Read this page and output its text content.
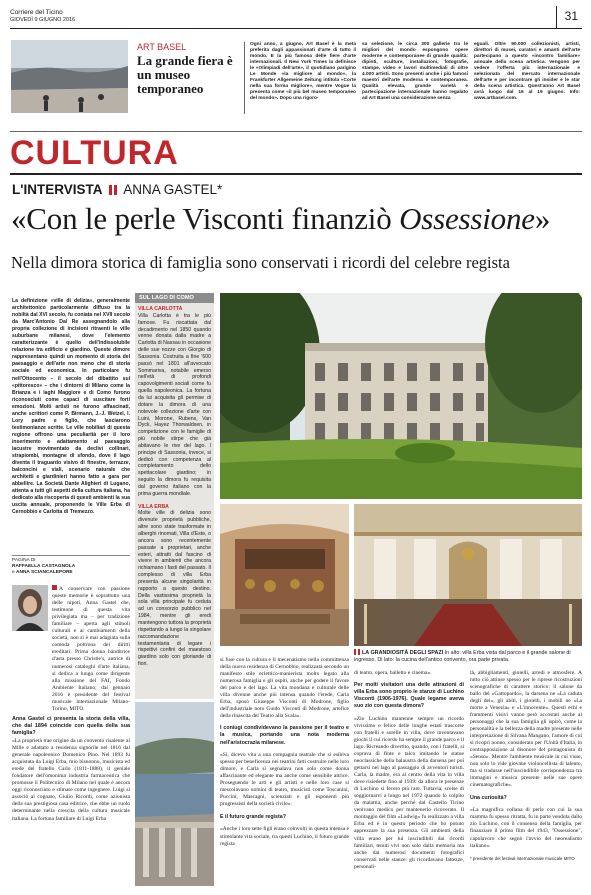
Corriere del Ticino
GIOVEDÌ 9 GIUGNO 2016	31
ART BASEL
La grande fiera è un museo temporaneo
Ogni anno, a giugno, Art Basel è la meta preferita dagli appassionati d'arte di tutto il mondo. E la più famosa delle fiere d'arte internazionali. Il New York Times la definisce le «Olimpiadi dell'arte», il quotidiano parigino Le Monde «la migliore al mondo», la Frankfurter Allgemeine Zeitung intitola «Corte nella sua forma migliore», mentre Vogue la presenta come «il più bel museo temporaneo del mondo». Dopo una rigoro-
sa selezione, le circa 300 gallerie tra le migliori del mondo espongono opere moderne e contemporanee di grande qualità: dipinti, sculture, installazioni, fotografie, stampe, video e lavori multimediali di oltre 4.000 artisti. Sono presenti anche i più famosi maestri dell'arte moderna e contemporanea. Qualità elevata, grande varietà e partecipazione internazionale hanno regalato ad Art Basel una considerazione senza
eguali. Oltre 90.000 collezionisti, artisti, direttori di musei, curatori e amanti dell'arte partecipano a questo «incontro familiare» annuale della scena artistica. Vengono per vedere l'offerta più internazionale e selezionata del mercato internazionale dell'arte e per incontrare gli insider e le star della scena artistica. Quest'anno Art Basel avrà luogo dal 16 al 19 giugno. Info: www.artbasel.com.
CULTURA
L'INTERVISTA ANNA GASTEL*
«Con le perle Visconti finanziò Ossessione»
Nella dimora storica di famiglia sono conservati i ricordi del celebre regista
La definizione «ville di delizia», generalmente architettonico particolarmente diffuso tra la nobiltà dal XVI secolo, fu coniata nel XVII secolo da Marc'Antonio Dal Re assegnandolo alla propria collezione di incisioni ritraenti le ville suburbane milanesi, dove l'elemento caratterizzante è quello dell'indissolubile relazione tra edificio e giardino. Queste dimore rappresentano quindi un momento di storia del paesaggio e dell'arte non meno che di storia sociale ed economica. In particolare fu nell'Ottocento – il secolo del dibattito sul «pittoresco» – che i dintorni di Milano come la Brianza e i laghi Maggiore e di Como furono riconosciuti come capaci di suscitare forti emozioni. Molti artisti ne furono affascinati, anche scrittori come P. Birmann, J.-J. Wetzel, I. Lory padre e figlio, che lasciarono testimonianze scritte. Le ville nobiliari di questa regione offrono una peculiarità per il loro inserimento e adattamento al paesaggio lacustre movimentato da declivi collinari, strapiombi, montagne di sfondo, dove il lago diventa il traguardo visivo di finestre, terrazze, balconcini e viali, scenario naturale che architetti e giardinieri hanno fatto a gara per abbellire. La Società Dante Alighieri di Lugano, attenta a tutti gli aspetti della cultura italiana, ha dedicato alla riscoperta di questi ambienti la sua uscita annuale, proponendo le Ville Erba di Cernobbio e Carlotta di Tremezzo.
PAGINA DI
RAFFAELLA CASTAGNOLA
e ANNA SCIANCALEPORE

A conservare con passione queste memorie è soprattutto una delle nipoti, Anna Gastel che, testimone di questa vita privilegiata ma – per tradizione familiare – aperta agli stimoli culturali e ai cambiamenti della società, non si è mai adagiata sulla comoda poltrona dei diritti ereditari. Prima donna banditrice d'asta presso Christie's, autrice di numerosi cataloghi d'arte italiana, si dedica a lungo come dirigente alla missione del FAI, Fondo Ambiente Italiano; dal gennaio 2016 è presidente del festival musicale internazionale Milano-Torino, MITO.

Anna Gastel ci presenta la storia della villa, che dal 1894 coincide con quella della sua famiglia?

«La proprietà trae origine da un convento risalente al Mille e adattato a residenza signorile nel 1816 dal generale napoleonico Domenico Pino. Nel 1893 fu acquistata da Luigi Erba, mio bisnonno, musicista ed erede del fratello Carlo (1811-1888), il geniale fondatore dell'omonima industria farmaceutica che promosse il Politecnico di Milano nel quale è ancora oggi riconosciuto e stimato come ingegnere. Luigi si associò al cognato, Giulio Ricordi, come azionista della sua prestigiosa casa editrice, che ebbe un ruolo determinante nella crescita della cultura musicale italiana. La fortuna familiare di Luigi Erba

SUL LAGO DI COMO
VILLA CARLOTTA
Villa Carlotta è tra le più famose. Fu riscattata dal decadimento nel 1850 quando venne donata dalla madre a Carlotta di Nassau in occasione delle sue nozze con Giorgio di Sassonia. Costruita a fine '600 passò nel 1801 all'avvocato Sommariva, notabile emerso nell'età di profondi capovolgimenti sociali come fu quella napoleonica. La fortuna da lui acquisita gli permise di dotare la dimora di una notevole collezione d'arte con Luini, Morone, Rubens, Van Dyck, Hayez Thorwaldsen, in competizione con le famiglie di più nobile stirpe che già abitavano le rive del lago. I principe di Sassonia, invece, si dedicò con competenza al completamento dello spettacolare giardino; in seguito la dimora fu requisita dal governo italiano con la prima guerra mondiale.
VILLA ERBA
Molte ville di delizia sono divenute proprietà pubbliche, altre sono state trasformate in alberghi rinomati, Villa d'Este, o ancora sono recentemente passate a proprietari, anche esteri, attratti dal fascino di vivere in ambienti che ancora richiamano i fasti del passato. Il complesso di villa Erba presenta alcune singolarità in rapporto a questo destino. Della vastissima proprietà la sola villa principale fu ceduta ad un consorzio pubblico nel 1984, mentre gli eredi mantengono tuttora la proprietà rispettando a lungo la singolare raccomandazione testamentaria di legare i rispettivi confini del maestoso giardino solo con gloriande di fiori.
LA GRANDIOSITÀ DEGLI SPAZI In alto: villa Erba vista dal parco e il grande salone di ingresso. Di lato: la cucina dell'antico convento, ora parte privata.

si fuse con la cultura e il mecenatismo nella committenza della nuova residenza di Cernobbio, realizzata secondo un manifesto stile eclettico-manierista molto legato alla numerosa famiglia e gli ospiti, anche per godere il favore del parco e del lago. La vita mondana e culturale delle villa divenne anche più intensa quando l'erede, Carla Erba, sposò Giuseppe Visconti di Modrone, figlio dell'industriale noto Guido Visconti di Modrone, artefice della rinascita del Teatro alla Scala».

I coniugi condividevano la passione per il teatro e la musica, portando una nota moderna nell'aristocrazia milanese.

«Sì, dicevo vita a una compagnia teatrale che si esibiva spesso per beneficenza nei teatrini fatti costruire nelle loro dimore, e Carla si segnalava non solo come donna affascinante ed elegante ma anche come sensibile attrice. Proseguendo le arti e gli artisti e nelle loro case si mescolavano uomini di teatro, musicisti come Toscanini, Puccini, Mascagni, scienziati e gli esponenti più progressisti della società civile».

E il futuro grande regista?

«Anche i loro sette figli erano coinvolti in questa intensa e stimolante vita sociale, tra questi Luchino, il futuro grande regista

di teatro, opera, balletto e cinema».

Per molti visitatori una delle attrazioni di villa Erba sono proprio le stanze di Luchino Visconti (1906-1976). Quale legame aveva suo zio con questa dimora?

«Zio Luchino mantenne sempre un ricordo vivissimo e felice delle lunghe estati trascorse con fratelli e sorelle in villa, dove inventavano giochi il cui ricordo ha sempre il grande parco e il lago. Ricreando divertito, quando, con i fratelli, si coprava di finte e talco imitando le statue neoclassiche della balaustra della darsena per poi gettarsi nel lago al passaggio di avventori turisti. Carla, la madre, era al centro della vita in villa dove risiedette fino al 1939: da allora le presenze di Luchino si fecero più rare. Tuttavia, scelse di soggiornarvi a lungo nel 1972 quando lo colpito da malattia, anche perché dal Castello Ticino venivano medico per mantenerlo ricoverato. Il montaggio del film «Ludwig» fu realizzato a villa Erba ed è in questo periodo che ho potuto apprezzare la sua presenza. Gli ambienti della villa erano per lui inscindibili dai ricordi familiari, tenuti vivi non solo dalla memoria ma anche dai numerosi documenti fotografici conservati nelle stanze: gli ricordavano fattezze, personali-

tà, abbigliamenti, gioielli, arredi e atmosfere. A tutto ciò attinse spesso per le riprese ricostruzioni scenografiche di carattere storico: il salone da ballo del «Gattopardo», la darsena ne «La caduta degli dei», gli abiti, i gioielli, i mobili ne «La morte a Venezia» e «L'innocente». Questi echi e frammenti visivi vanno però accostati anche ai personaggi che la sua famiglia gli ispirò, come la personalità e la bellezza della madre presente nelle interpretazione di Silvana Mangano, l'amore di cui si ricoprì nonno, considerato per l'Unità d'Italia, in contrapposizione al disonore del protagonista di «Senso». Mentre l'ambiente musicale in cui visse, non solo lo vide giovane violoncellista di talento, ma si tradusse nell'inscindibile corrispondenza tra immagini e musica presente nelle sue opere cinematografiche».

Una curiosità?

«La magnifica collana di perle con cui la sua mamma fu spesso ritratta, fu in parte venduta dallo zio Luchino, con il consenso della famiglia, per finanziare il primo film del 1943, "Ossessione", capolavoro che segnò l'avvio del neorealismo italiano».

* presidente del festival internazionale musicale MITO
